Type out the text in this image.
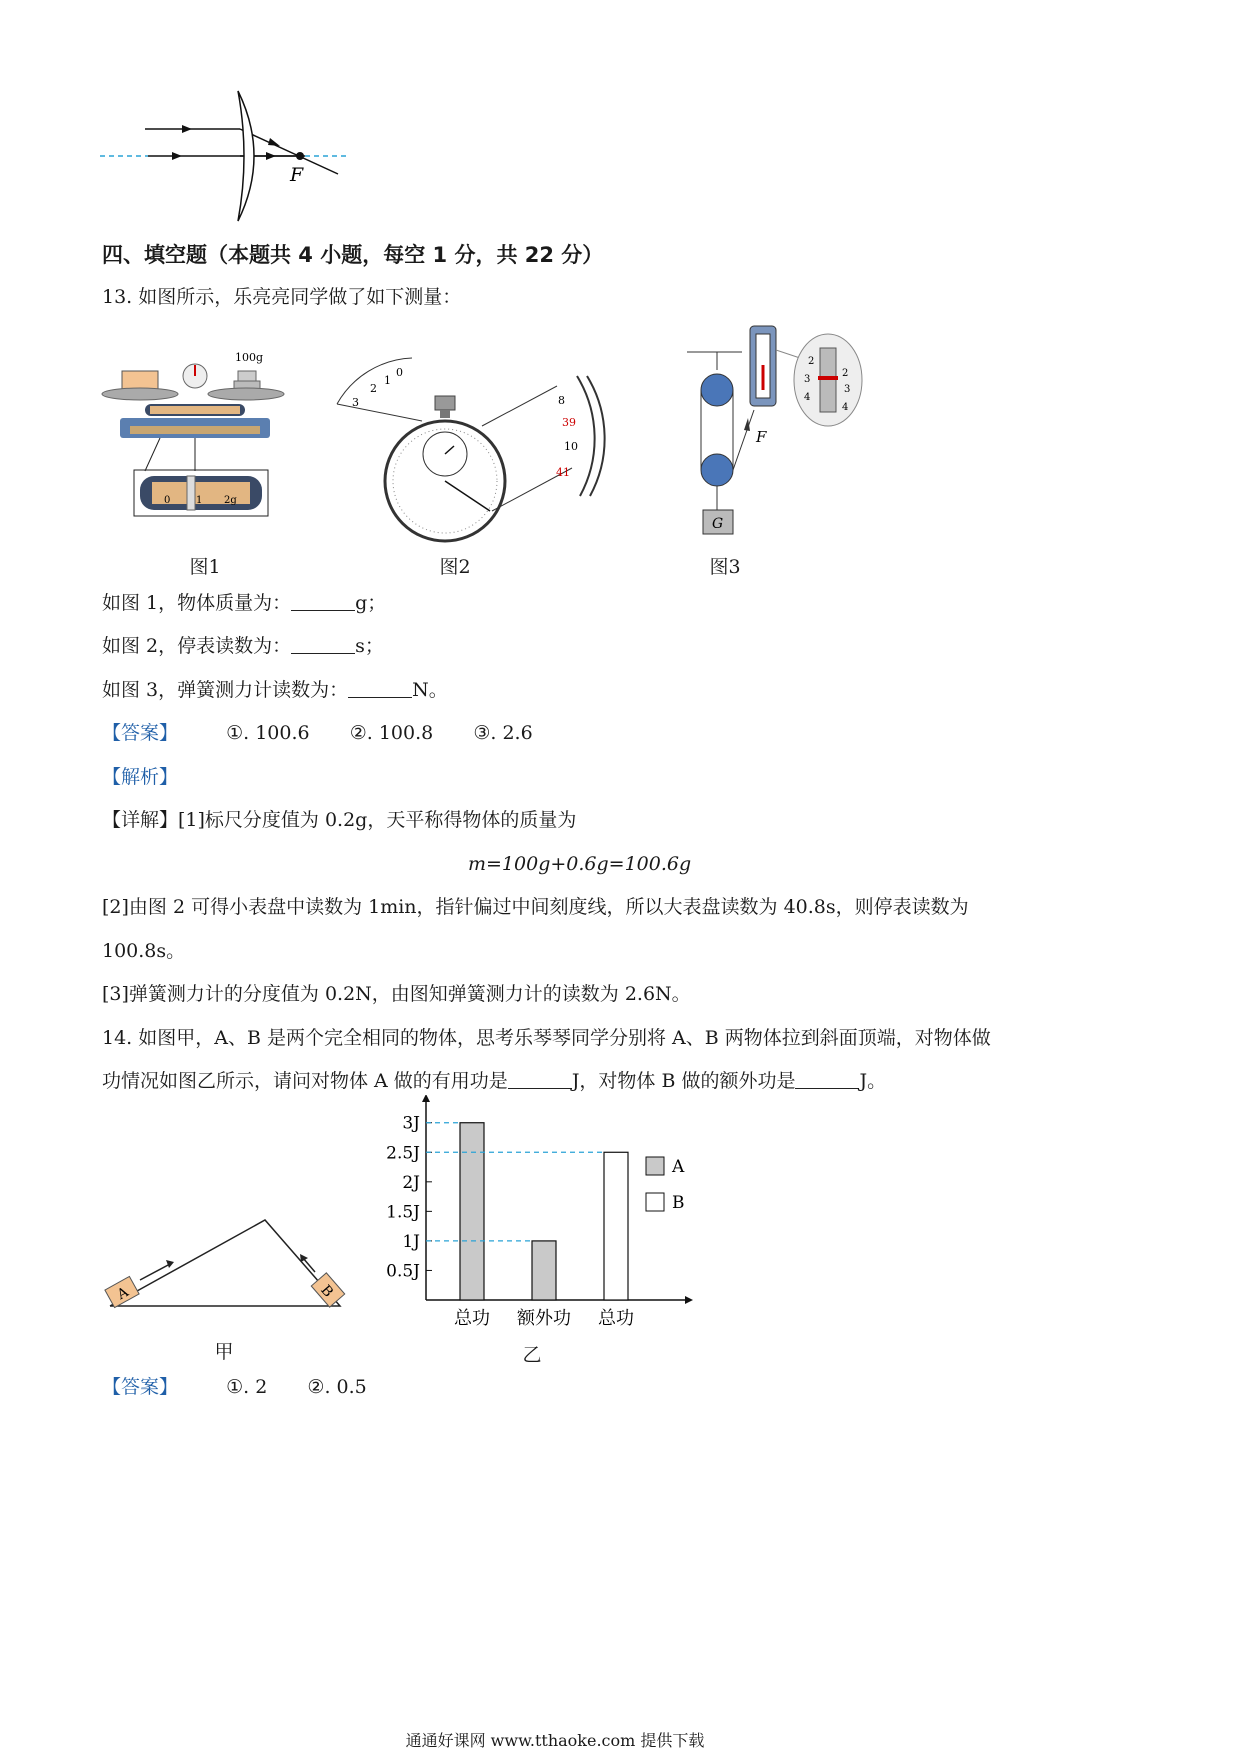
F
四、填空题（本题共 4 小题，每空 1 分，共 22 分）
13. 如图所示，乐亮亮同学做了如下测量：
100g
0	1 2g
图1
3
2
1
0
8
39
10
41
图2
G
F
2
3
4
2
3
4
图3
如图 1，物体质量为：	g；
如图 2，停表读数为：	s；
如图 3，弹簧测力计读数为：	N。
【答案】	①. 100.6 ②. 100.8 ③. 2.6
【解析】
【详解】[1]标尺分度值为 0.2g，天平称得物体的质量为
m=100g+0.6g=100.6g
[2]由图 2 可得小表盘中读数为 1min，指针偏过中间刻度线，所以大表盘读数为 40.8s，则停表读数为
100.8s。
[3]弹簧测力计的分度值为 0.2N，由图知弹簧测力计的读数为 2.6N。
14. 如图甲，A、B 是两个完全相同的物体，思考乐琴琴同学分别将 A、B 两物体拉到斜面顶端，对物体做
功情况如图乙所示，请问对物体 A 做的有用功是	J，对物体 B 做的额外功是	J。
A	B
甲
0.5J
1J
1.5J
2J
2.5J
3J
总功 额外功 总功
A
B
乙
【答案】	①. 2 ②. 0.5
通通好课网 www.tthaoke.com 提供下载
